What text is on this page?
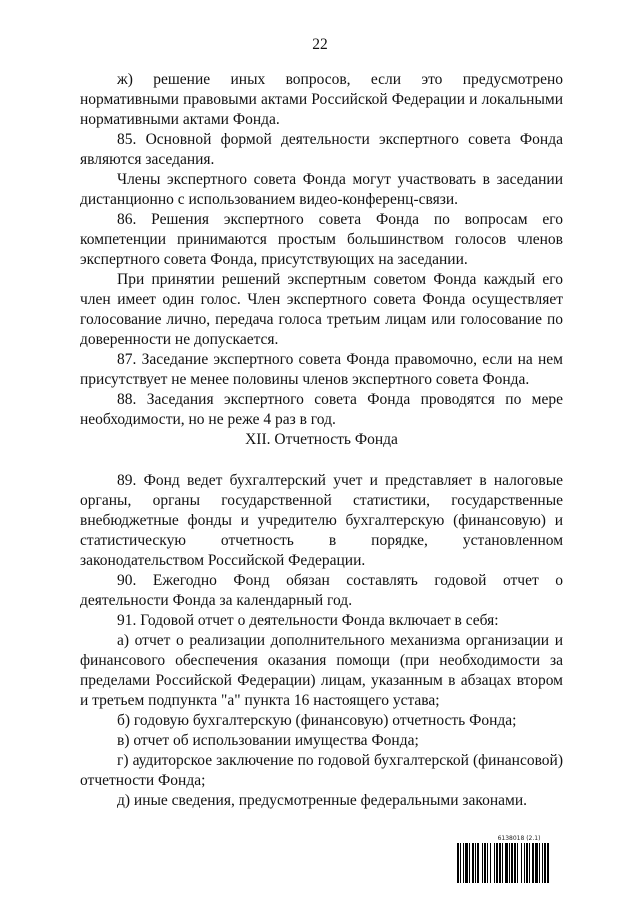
22

ж) решение иных вопросов, если это предусмотрено нормативными правовыми актами Российской Федерации и локальными нормативными актами Фонда.

85. Основной формой деятельности экспертного совета Фонда являются заседания.

Члены экспертного совета Фонда могут участвовать в заседании дистанционно с использованием видео-конференц-связи.

86. Решения экспертного совета Фонда по вопросам его компетенции принимаются простым большинством голосов членов экспертного совета Фонда, присутствующих на заседании.

При принятии решений экспертным советом Фонда каждый его член имеет один голос. Член экспертного совета Фонда осуществляет голосование лично, передача голоса третьим лицам или голосование по доверенности не допускается.

87. Заседание экспертного совета Фонда правомочно, если на нем присутствует не менее половины членов экспертного совета Фонда.

88. Заседания экспертного совета Фонда проводятся по мере необходимости, но не реже 4 раз в год.

XII. Отчетность Фонда

89. Фонд ведет бухгалтерский учет и представляет в налоговые органы, органы государственной статистики, государственные внебюджетные фонды и учредителю бухгалтерскую (финансовую) и статистическую отчетность в порядке, установленном законодательством Российской Федерации.

90. Ежегодно Фонд обязан составлять годовой отчет о деятельности Фонда за календарный год.

91. Годовой отчет о деятельности Фонда включает в себя:

а) отчет о реализации дополнительного механизма организации и финансового обеспечения оказания помощи (при необходимости за пределами Российской Федерации) лицам, указанным в абзацах втором и третьем подпункта "а" пункта 16 настоящего устава;

б) годовую бухгалтерскую (финансовую) отчетность Фонда;

в) отчет об использовании имущества Фонда;

г) аудиторское заключение по годовой бухгалтерской (финансовой) отчетности Фонда;

д) иные сведения, предусмотренные федеральными законами.

6138018 (2.1)
